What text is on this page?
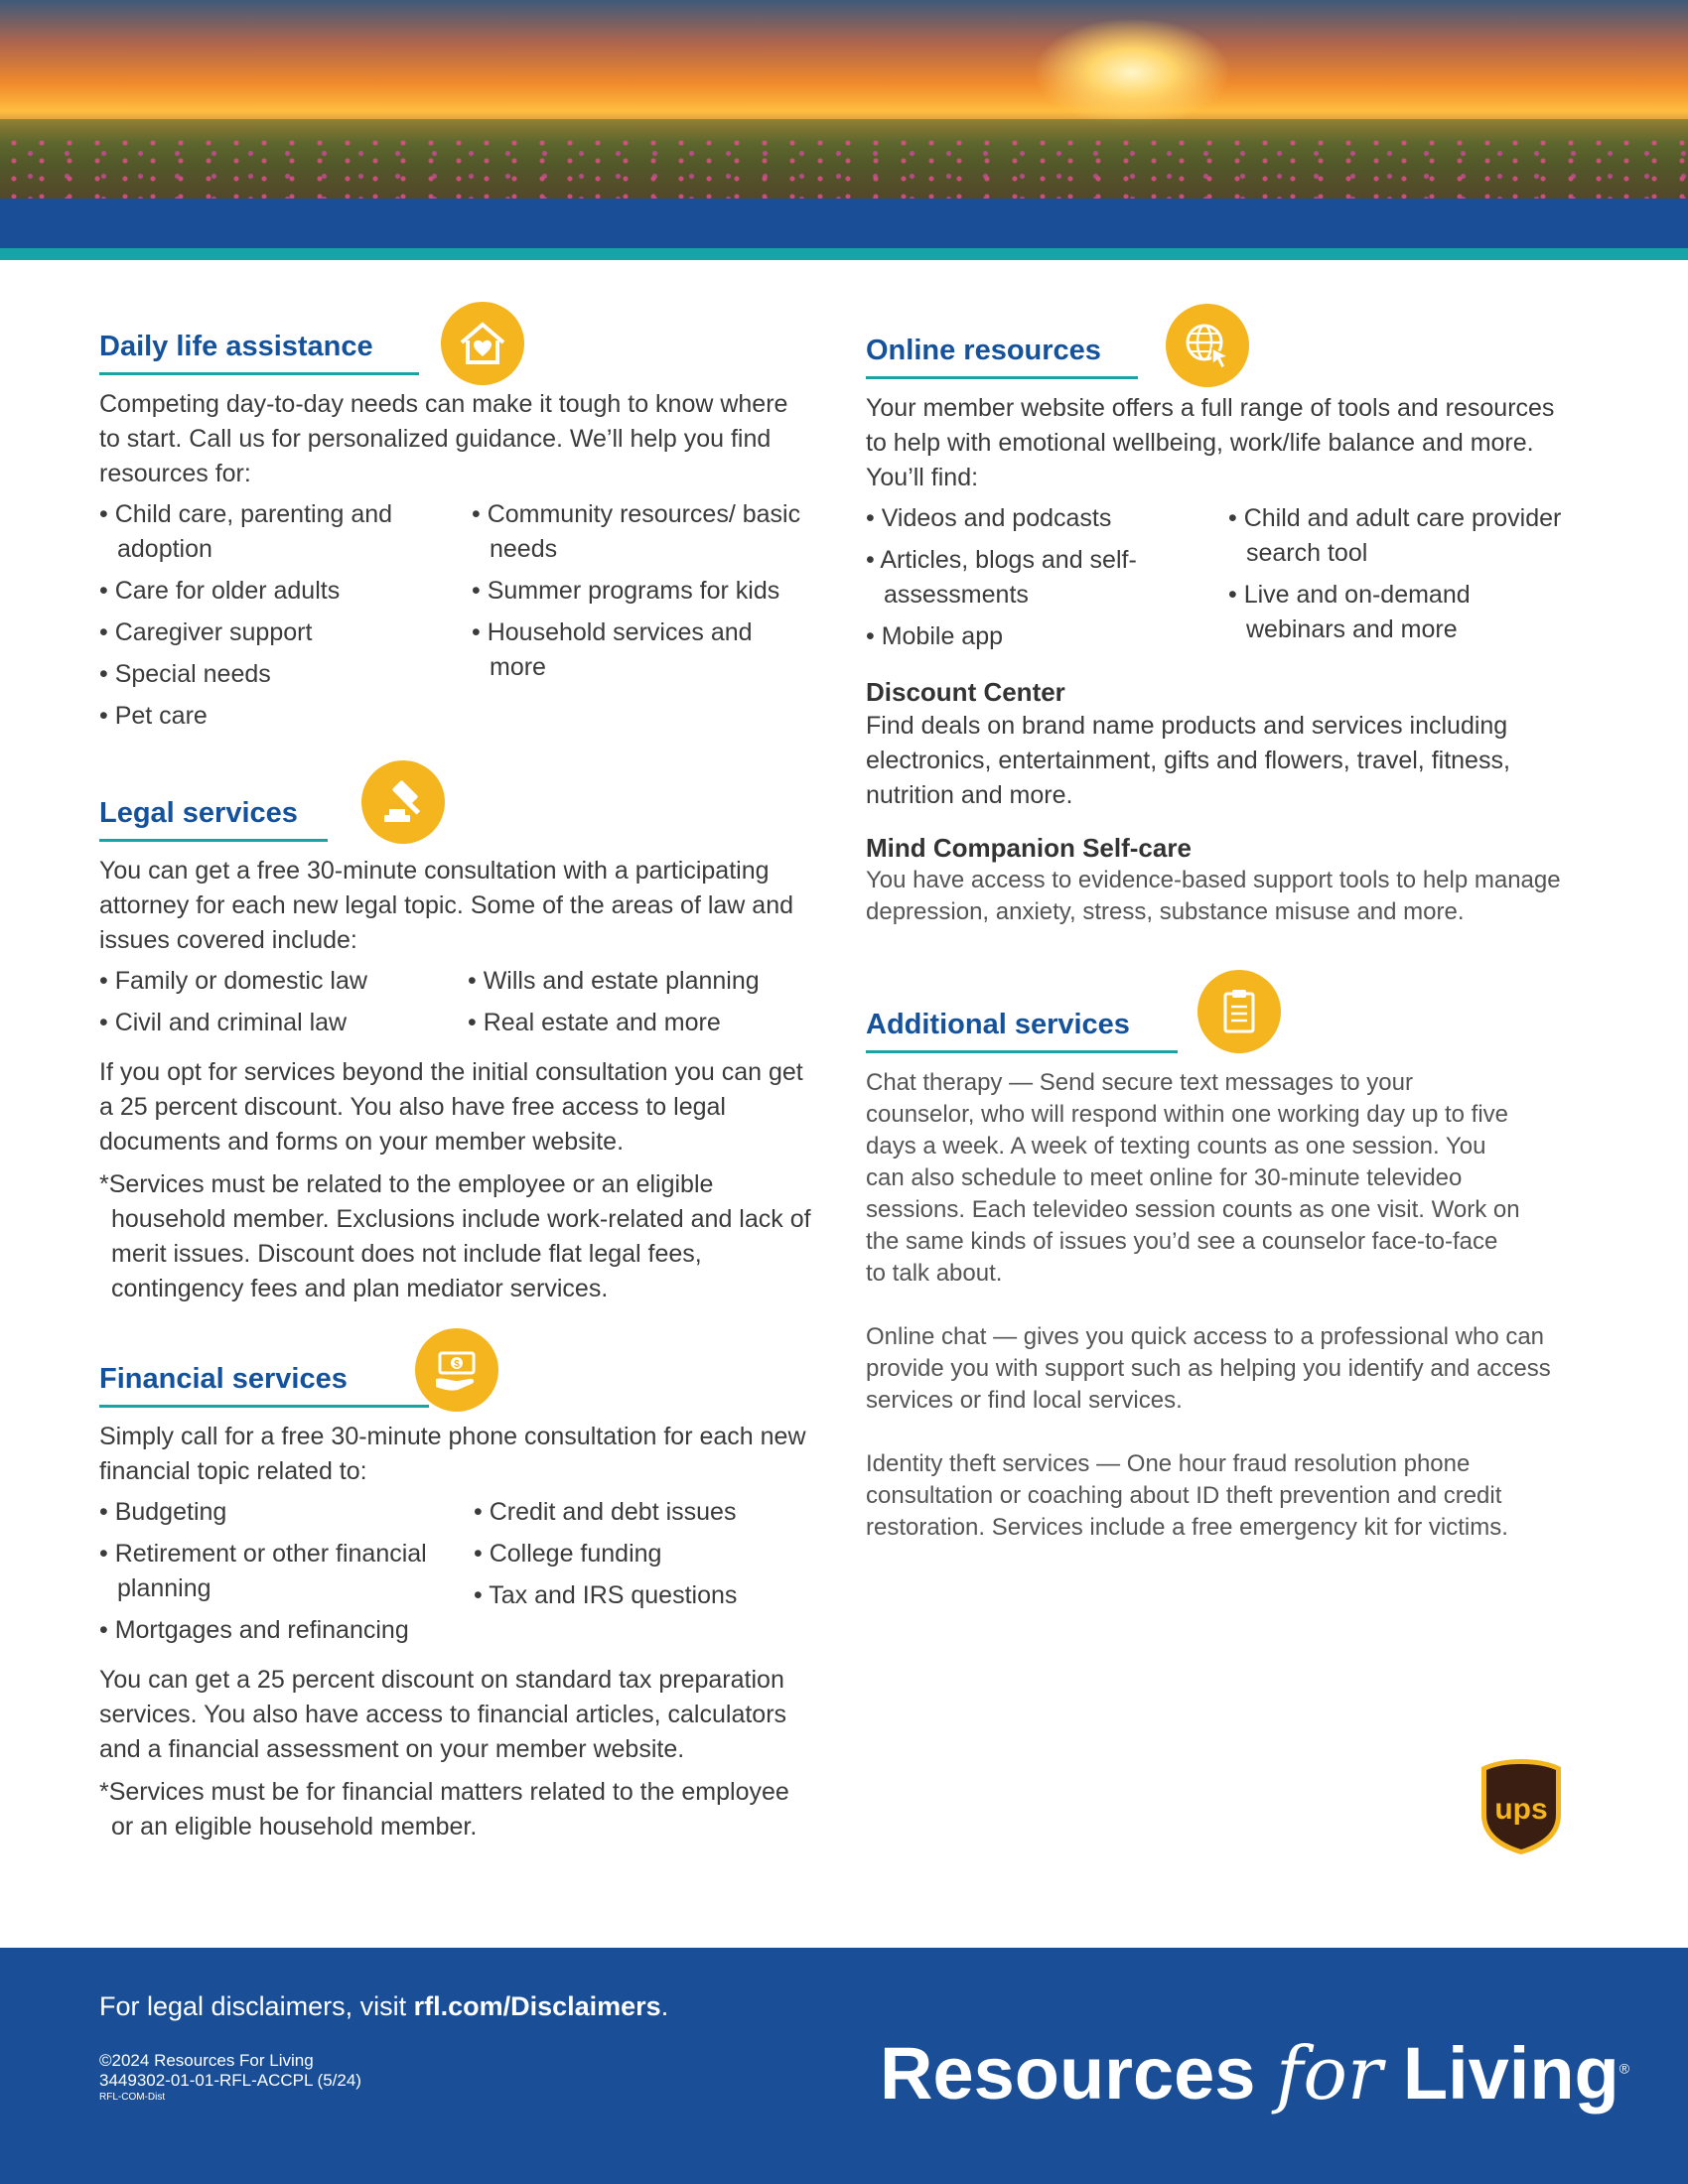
Daily life assistance

Competing day-to-day needs can make it tough to know where to start. Call us for personalized guidance. We’ll help you find resources for:

• Child care, parenting and adoption
• Care for older adults
• Caregiver support
• Special needs
• Pet care
• Community resources/ basic needs
• Summer programs for kids
• Household services and more
Legal services

You can get a free 30-minute consultation with a participating attorney for each new legal topic. Some of the areas of law and issues covered include:

• Family or domestic law
• Civil and criminal law
• Wills and estate planning
• Real estate and more

If you opt for services beyond the initial consultation you can get a 25 percent discount. You also have free access to legal documents and forms on your member website.

*Services must be related to the employee or an eligible household member. Exclusions include work-related and lack of merit issues. Discount does not include flat legal fees, contingency fees and plan mediator services.

Financial services	$

Simply call for a free 30-minute phone consultation for each new financial topic related to:

• Budgeting
• Retirement or other financial planning
• Mortgages and refinancing
• Credit and debt issues
• College funding
• Tax and IRS questions

You can get a 25 percent discount on standard tax preparation services. You also have access to financial articles, calculators and a financial assessment on your member website.

*Services must be for financial matters related to the employee or an eligible household member.

Online resources

Your member website offers a full range of tools and resources to help with emotional wellbeing, work/life balance and more. You’ll find:

• Videos and podcasts
• Articles, blogs and self-assessments
• Mobile app
• Child and adult care provider search tool
• Live and on-demand webinars and more
Discount Center

Find deals on brand name products and services including electronics, entertainment, gifts and flowers, travel, fitness, nutrition and more.

Mind Companion Self-care

You have access to evidence-based support tools to help manage depression, anxiety, stress, substance misuse and more.

Additional services

Chat therapy — Send secure text messages to your counselor, who will respond within one working day up to five days a week. A week of texting counts as one session. You can also schedule to meet online for 30-minute televideo sessions. Each televideo session counts as one visit. Work on the same kinds of issues you’d see a counselor face-to-face to talk about.

Online chat — gives you quick access to a professional who can provide you with support such as helping you identify and access services or find local services.

Identity theft services — One hour fraud resolution phone consultation or coaching about ID theft prevention and credit restoration. Services include a free emergency kit for victims.

ups
For legal disclaimers, visit rfl.com/Disclaimers.
©2024 Resources For Living
3449302-01-01-RFL-ACCPL (5/24)
RFL-COM-Dist	Resources for Living®
